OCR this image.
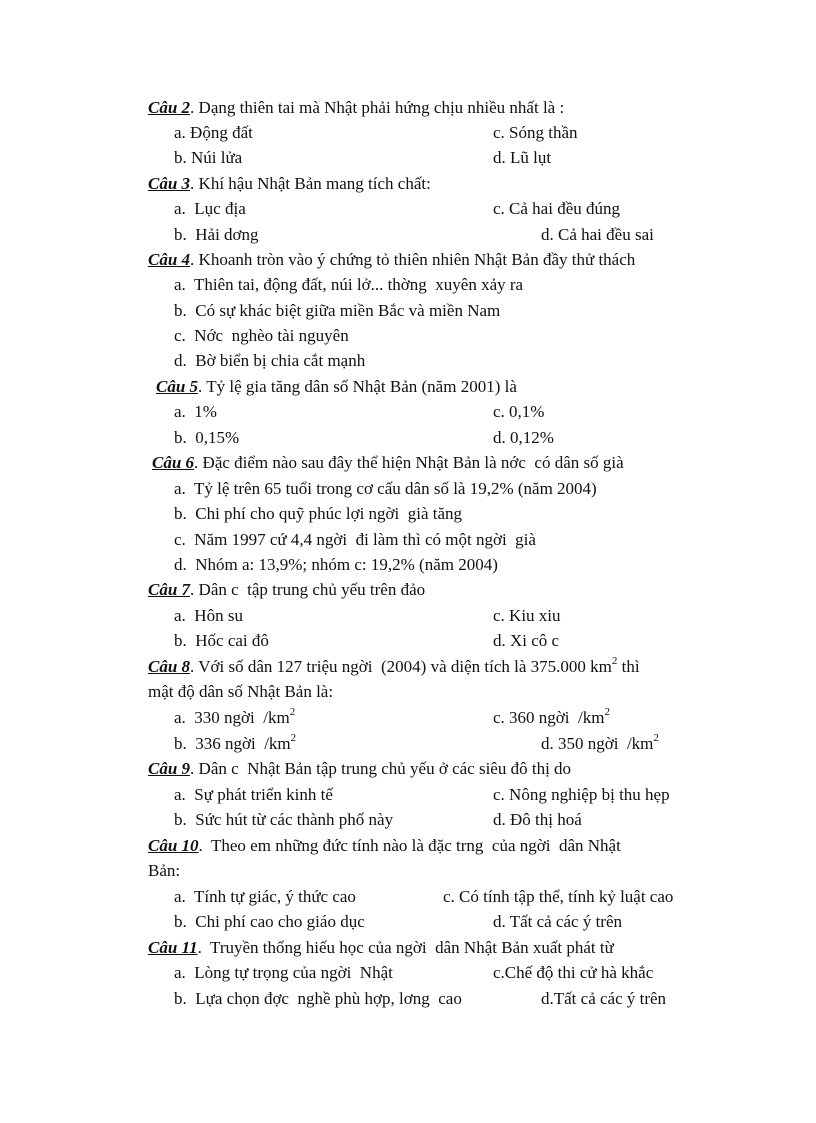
Câu 2. Dạng thiên tai mà Nhật phải hứng chịu nhiều nhất là :
a. Động đất	c. Sóng thần
b. Núi lửa	d. Lũ lụt
Câu 3. Khí hậu Nhật Bản mang tích chất:
a.  Lục địa	c. Cả hai đều đúng
b.  Hải dơng	d. Cả hai đều sai
Câu 4. Khoanh tròn vào ý chứng tỏ thiên nhiên Nhật Bản đầy thử thách
a.  Thiên tai, động đất, núi lở... thờng  xuyên xảy ra
b.  Có sự khác biệt giữa miền Bắc và miền Nam
c.  Nớc  nghèo tài nguyên
d.  Bờ biển bị chia cắt mạnh
Câu 5. Tỷ lệ gia tăng dân số Nhật Bản (năm 2001) là
a.  1%	c. 0,1%
b.  0,15%	d. 0,12%
Câu 6. Đặc điểm nào sau đây thể hiện Nhật Bản là nớc  có dân số già
a.  Tỷ lệ trên 65 tuổi trong cơ cấu dân số là 19,2% (năm 2004)
b.  Chi phí cho quỹ phúc lợi ngời  già tăng
c.  Năm 1997 cứ 4,4 ngời  đi làm thì có một ngời  già
d.  Nhóm a: 13,9%; nhóm c: 19,2% (năm 2004)
Câu 7. Dân c  tập trung chủ yếu trên đảo
a.  Hôn su	c. Kiu xiu
b.  Hốc cai đô	d. Xi cô c
Câu 8. Với số dân 127 triệu ngời  (2004) và diện tích là 375.000 $km^2$ thì
mật độ dân số Nhật Bản là:
a.  330 ngời  $/km^2$	c. 360 ngời  $/km^2$
b.  336 ngời  $/km^2$	d. 350 ngời  $/km^2$
Câu 9. Dân c  Nhật Bản tập trung chủ yếu ở các siêu đô thị do
a.  Sự phát triển kinh tế	c. Nông nghiệp bị thu hẹp
b.  Sức hút từ các thành phố này	d. Đô thị hoá
Câu 10.  Theo em những đức tính nào là đặc trng  của ngời  dân Nhật
Bản:
a.  Tính tự giác, ý thức cao	c. Có tính tập thể, tính kỷ luật cao
b.  Chi phí cao cho giáo dục	d. Tất cả các ý trên
Câu 11.  Truyền thống hiếu học của ngời  dân Nhật Bản xuất phát từ
a.  Lòng tự trọng của ngời  Nhật	c.Chế độ thi cử hà khắc
b.  Lựa chọn đợc  nghề phù hợp, lơng  cao	d.Tất cả các ý trên
